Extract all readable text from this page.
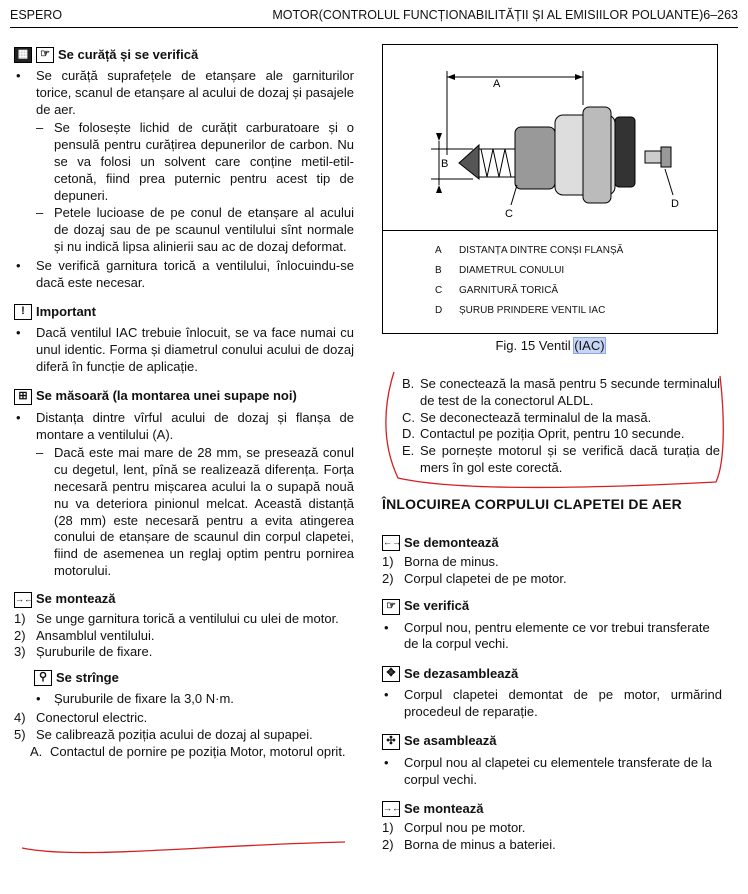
ESPERO	MOTOR(CONTROLUL FUNCȚIONABILITĂȚII ȘI AL EMISIILOR POLUANTE)6–263
▦	☞ Se curăță și se verifică
• Se curăță suprafețele de etanșare ale garniturilor torice, scanul de etanșare al acului de dozaj și pasajele de aer.
– Se folosește lichid de curățit carburatoare și o pensulă pentru curățirea depunerilor de carbon. Nu se va folosi un solvent care conține metil-etil-cetonă, fiind prea puternic pentru acest tip de depuneri.
– Petele lucioase de pe conul de etanșare al acului de dozaj sau de pe scaunul ventilului sînt normale și nu indică lipsa alinierii sau ac de dozaj deformat.
• Se verifică garnitura torică a ventilului, înlocuindu-se dacă este necesar.
! Important
• Dacă ventilul IAC trebuie înlocuit, se va face numai cu unul identic. Forma și diametrul conului acului de dozaj diferă în funcție de aplicație.
⊞ Se măsoară (la montarea unei supape noi)
• Distanța dintre vîrful acului de dozaj și flanșa de montare a ventilului (A).
– Dacă este mai mare de 28 mm, se presează conul cu degetul, lent, pînă se realizează diferența. Forța necesară pentru mișcarea acului la o supapă nouă nu va deteriora pinionul melcat. Această distanță (28 mm) este necesară pentru a evita atingerea conului de etanșare de scaunul din corpul clapetei, fiind de asemenea un reglaj optim pentru pornirea motorului.
→← Se montează
1) Se unge garnitura torică a ventilului cu ulei de motor.
2) Ansamblul ventilului.
3) Șuruburile de fixare.
⚲ Se strînge
• Șuruburile de fixare la 3,0 N·m.
4) Conectorul electric.
5) Se calibrează poziția acului de dozaj al supapei.
A. Contactul de pornire pe poziția Motor, motorul oprit.
A
B
D
C
A	DISTANȚA DINTRE CONȘI FLANȘĂ
B	DIAMETRUL CONULUI
C	GARNITURĂ TORICĂ
D	ȘURUB PRINDERE VENTIL IAC
Fig. 15 Ventil (IAC)
B. Se conectează la masă pentru 5 secunde terminalul de test de la conectorul ALDL.
C. Se deconectează terminalul de la masă.
D. Contactul pe poziția Oprit, pentru 10 secunde.
E. Se pornește motorul și se verifică dacă turația de mers în gol este corectă.
ÎNLOCUIREA CORPULUI CLAPETEI DE AER
←→ Se demontează
1) Borna de minus.
2) Corpul clapetei de pe motor.
☞ Se verifică
• Corpul nou, pentru elemente ce vor trebui transferate de la corpul vechi.
✥ Se dezasamblează
• Corpul clapetei demontat de pe motor, urmărind procedeul de reparație.
✣ Se asamblează
• Corpul nou al clapetei cu elementele transferate de la corpul vechi.
→← Se montează
1) Corpul nou pe motor.
2) Borna de minus a bateriei.
